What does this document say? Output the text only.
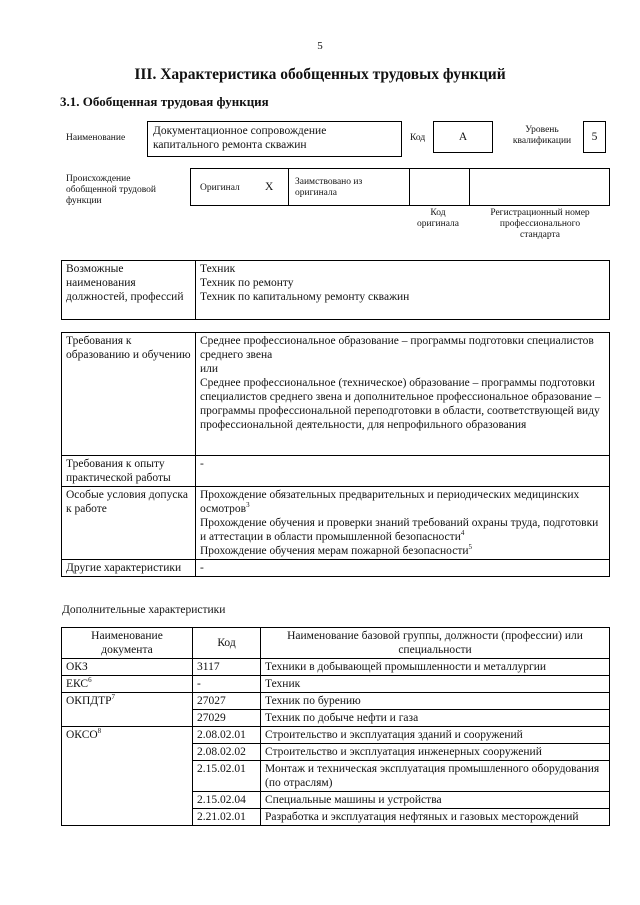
5
III. Характеристика обобщенных трудовых функций
3.1. Обобщенная трудовая функция
Наименование
Документационное сопровождение
капитального ремонта скважин
Код	А
Уровень
квалификации	5
Происхождение
обобщенной трудовой
функции
Оригинал X Заимствовано из
оригинала
Код
оригинала
Регистрационный номер
профессионального
стандарта
Возможные наименования должностей, профессий	
Техник
Техник по ремонту
Техник по капитальному ремонту скважин
Требования к образованию и обучению	Среднее профессиональное образование – программы подготовки специалистов среднего звена
или
Среднее профессиональное (техническое) образование – программы подготовки специалистов среднего звена и дополнительное профессиональное образование – программы профессиональной переподготовки в области, соответствующей виду профессиональной деятельности, для непрофильного образования

Требования к опыту практической работы	-
Особые условия допуска к работе	Прохождение обязательных предварительных и периодических медицинских осмотров$^3$
Прохождение обучения и проверки знаний требований охраны труда, подготовки и аттестации в области промышленной безопасности$^4$
Прохождение обучения мерам пожарной безопасности$^5$

Другие характеристики	-
Дополнительные характеристики
Наименование документа	Код	Наименование базовой группы, должности (профессии) или специальности
ОКЗ	3117	Техники в добывающей промышленности и металлургии
ЕКС$^6$	-	Техник
ОКПДТР$^7$	27027	Техник по бурению
	27029	Техник по добыче нефти и газа
ОКСО$^8$	2.08.02.01	Строительство и эксплуатация зданий и сооружений
	2.08.02.02	Строительство и эксплуатация инженерных сооружений
	2.15.02.01	Монтаж и техническая эксплуатация промышленного оборудования (по отраслям)
	2.15.02.04	Специальные машины и устройства
	2.21.02.01	Разработка и эксплуатация нефтяных и газовых месторождений
